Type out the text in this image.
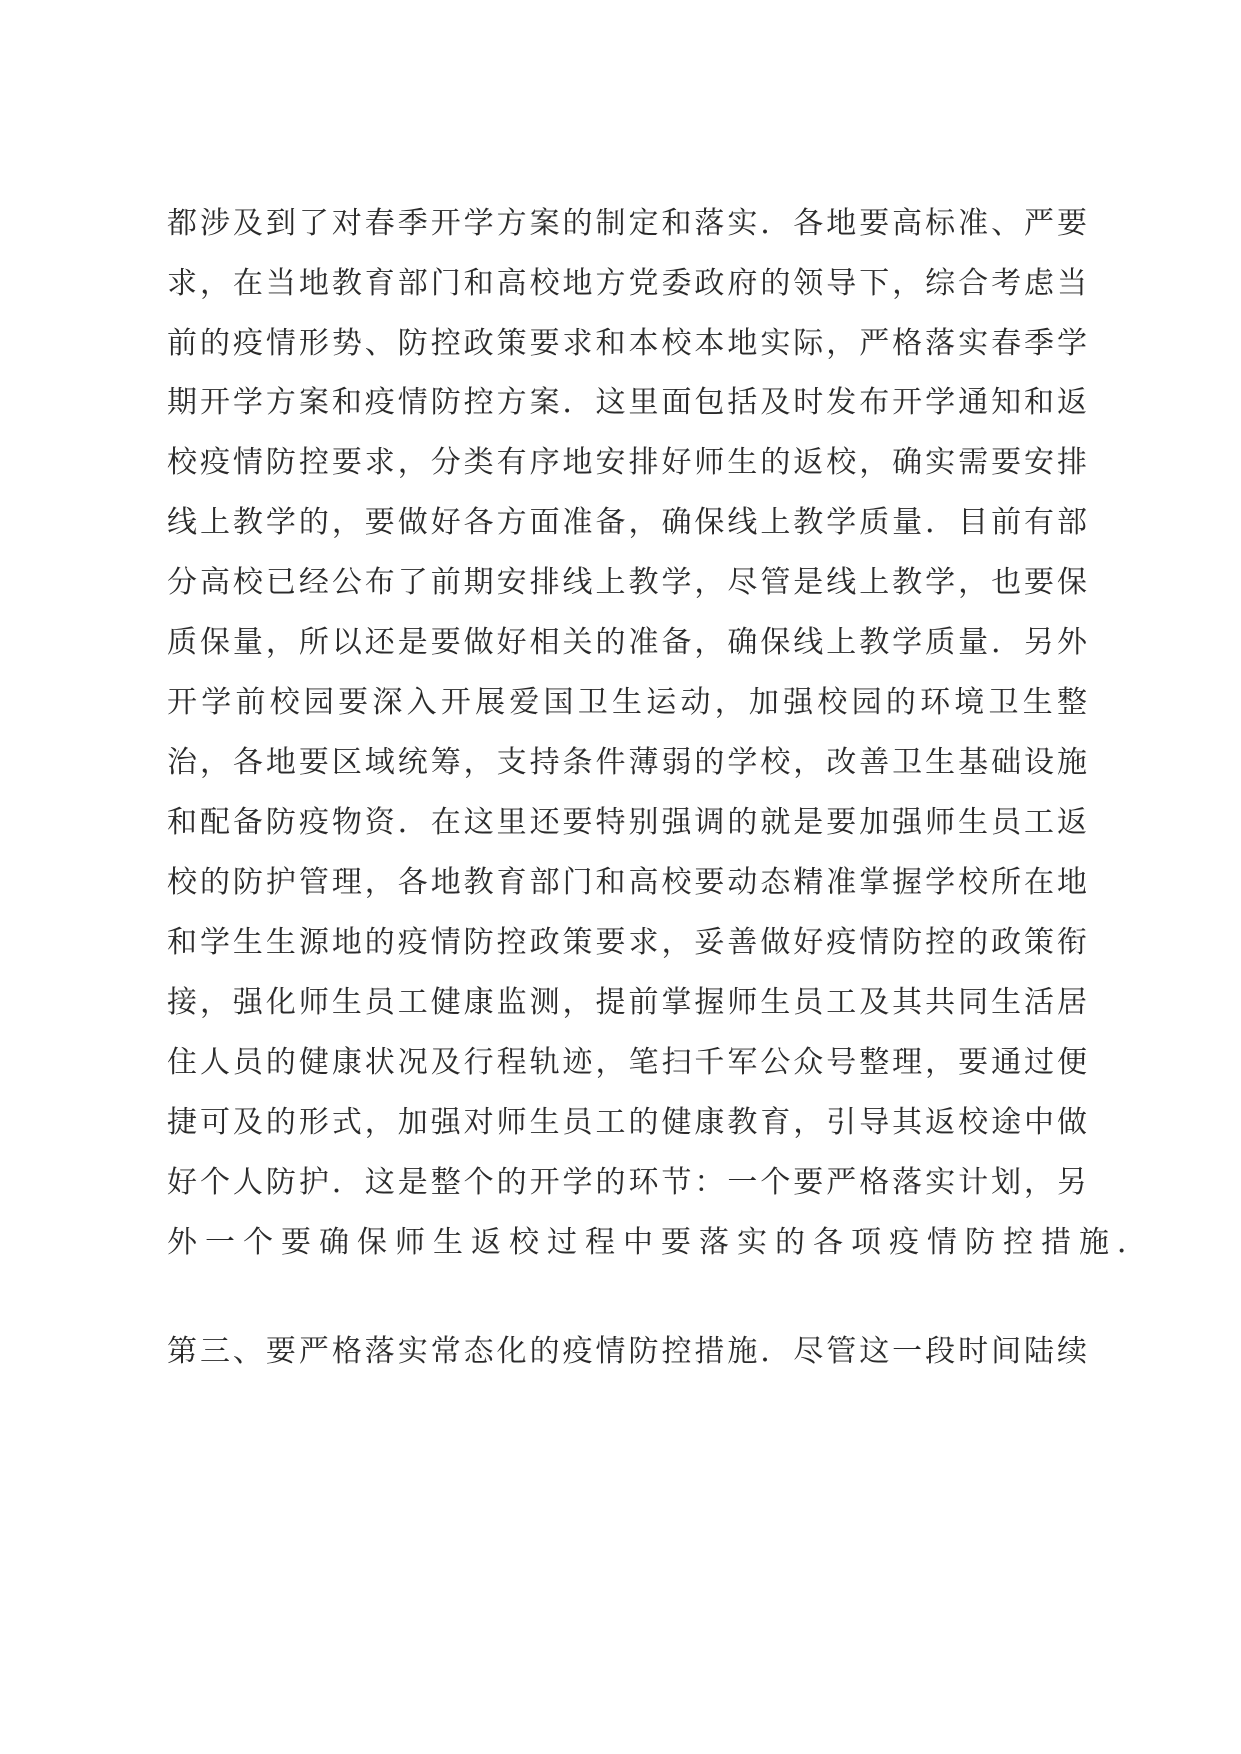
都涉及到了对春季开学方案的制定和落实．各地要高标准、严要
求，在当地教育部门和高校地方党委政府的领导下，综合考虑当
前的疫情形势、防控政策要求和本校本地实际，严格落实春季学
期开学方案和疫情防控方案．这里面包括及时发布开学通知和返
校疫情防控要求，分类有序地安排好师生的返校，确实需要安排
线上教学的，要做好各方面准备，确保线上教学质量．目前有部
分高校已经公布了前期安排线上教学，尽管是线上教学，也要保
质保量，所以还是要做好相关的准备，确保线上教学质量．另外
开学前校园要深入开展爱国卫生运动，加强校园的环境卫生整
治，各地要区域统筹，支持条件薄弱的学校，改善卫生基础设施
和配备防疫物资．在这里还要特别强调的就是要加强师生员工返
校的防护管理，各地教育部门和高校要动态精准掌握学校所在地
和学生生源地的疫情防控政策要求，妥善做好疫情防控的政策衔
接，强化师生员工健康监测，提前掌握师生员工及其共同生活居
住人员的健康状况及行程轨迹，笔扫千军公众号整理，要通过便
捷可及的形式，加强对师生员工的健康教育，引导其返校途中做
好个人防护．这是整个的开学的环节：一个要严格落实计划，另
外一个要确保师生返校过程中要落实的各项疫情防控措施．
第三、要严格落实常态化的疫情防控措施．尽管这一段时间陆续
